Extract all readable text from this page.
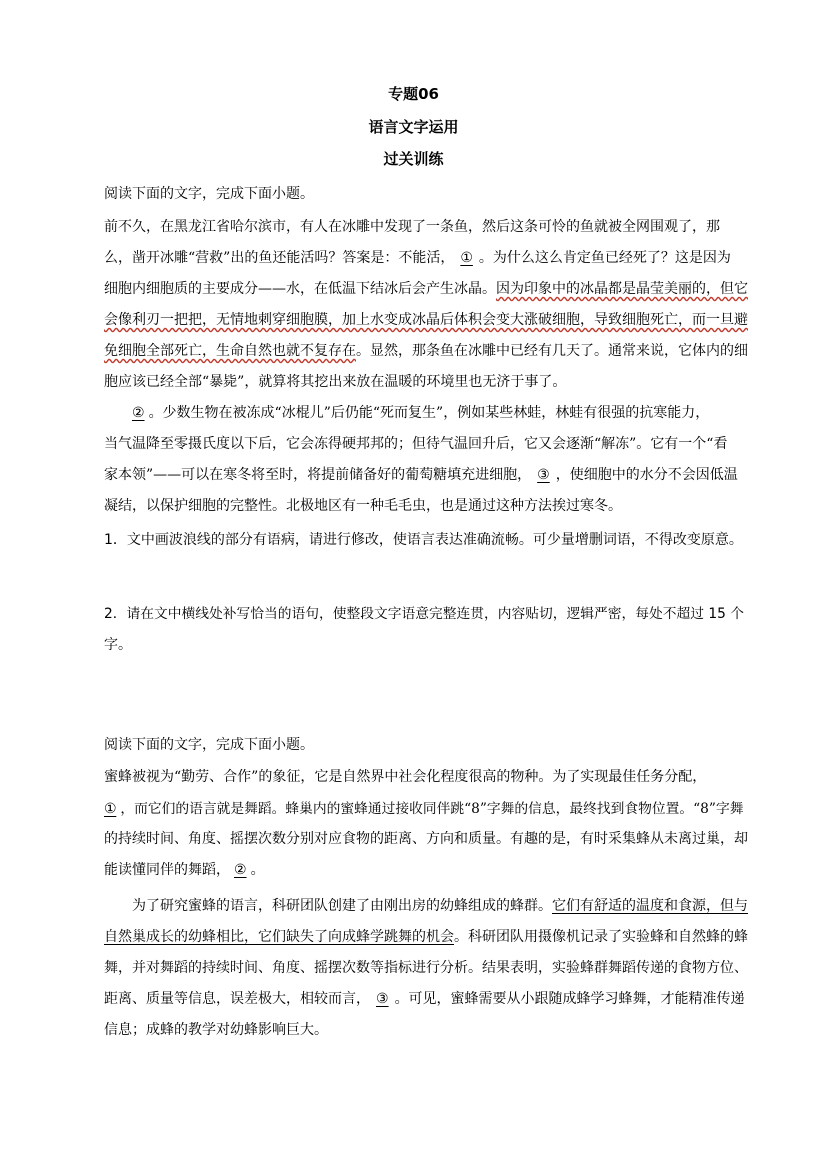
专题06
语言文字运用
过关训练
阅读下面的文字，完成下面小题。
前不久，在黑龙江省哈尔滨市，有人在冰雕中发现了一条鱼，然后这条可怜的鱼就被全网围观了，那
么，凿开冰雕“营救”出的鱼还能活吗？答案是：不能活， ① 。为什么这么肯定鱼已经死了？这是因为
细胞内细胞质的主要成分——水，在低温下结冰后会产生冰晶。因为印象中的冰晶都是晶莹美丽的，但它
会像利刃一把把，无情地刺穿细胞膜，加上水变成冰晶后体积会变大涨破细胞，导致细胞死亡，而一旦避
免细胞全部死亡，生命自然也就不复存在。显然，那条鱼在冰雕中已经有几天了。通常来说，它体内的细
胞应该已经全部“暴毙”，就算将其挖出来放在温暖的环境里也无济于事了。
② 。少数生物在被冻成“冰棍儿”后仍能“死而复生”，例如某些林蛙，林蛙有很强的抗寒能力，
当气温降至零摄氏度以下后，它会冻得硬邦邦的；但待气温回升后，它又会逐渐“解冻”。它有一个“看
家本领”——可以在寒冬将至时，将提前储备好的葡萄糖填充进细胞， ③ ，使细胞中的水分不会因低温
凝结，以保护细胞的完整性。北极地区有一种毛毛虫，也是通过这种方法挨过寒冬。
1．文中画波浪线的部分有语病，请进行修改，使语言表达准确流畅。可少量增删词语，不得改变原意。
2．请在文中横线处补写恰当的语句，使整段文字语意完整连贯，内容贴切，逻辑严密，每处不超过 15 个
字。
阅读下面的文字，完成下面小题。
蜜蜂被视为“勤劳、合作”的象征，它是自然界中社会化程度很高的物种。为了实现最佳任务分配，
① ，而它们的语言就是舞蹈。蜂巢内的蜜蜂通过接收同伴跳“8”字舞的信息，最终找到食物位置。“8”字舞
的持续时间、角度、摇摆次数分别对应食物的距离、方向和质量。有趣的是，有时采集蜂从未离过巢，却
能读懂同伴的舞蹈， ② 。
为了研究蜜蜂的语言，科研团队创建了由刚出房的幼蜂组成的蜂群。它们有舒适的温度和食源，但与
自然巢成长的幼蜂相比，它们缺失了向成蜂学跳舞的机会。科研团队用摄像机记录了实验蜂和自然蜂的蜂
舞，并对舞蹈的持续时间、角度、摇摆次数等指标进行分析。结果表明，实验蜂群舞蹈传递的食物方位、
距离、质量等信息，误差极大，相较而言， ③ 。可见，蜜蜂需要从小跟随成蜂学习蜂舞，才能精准传递
信息；成蜂的教学对幼蜂影响巨大。
